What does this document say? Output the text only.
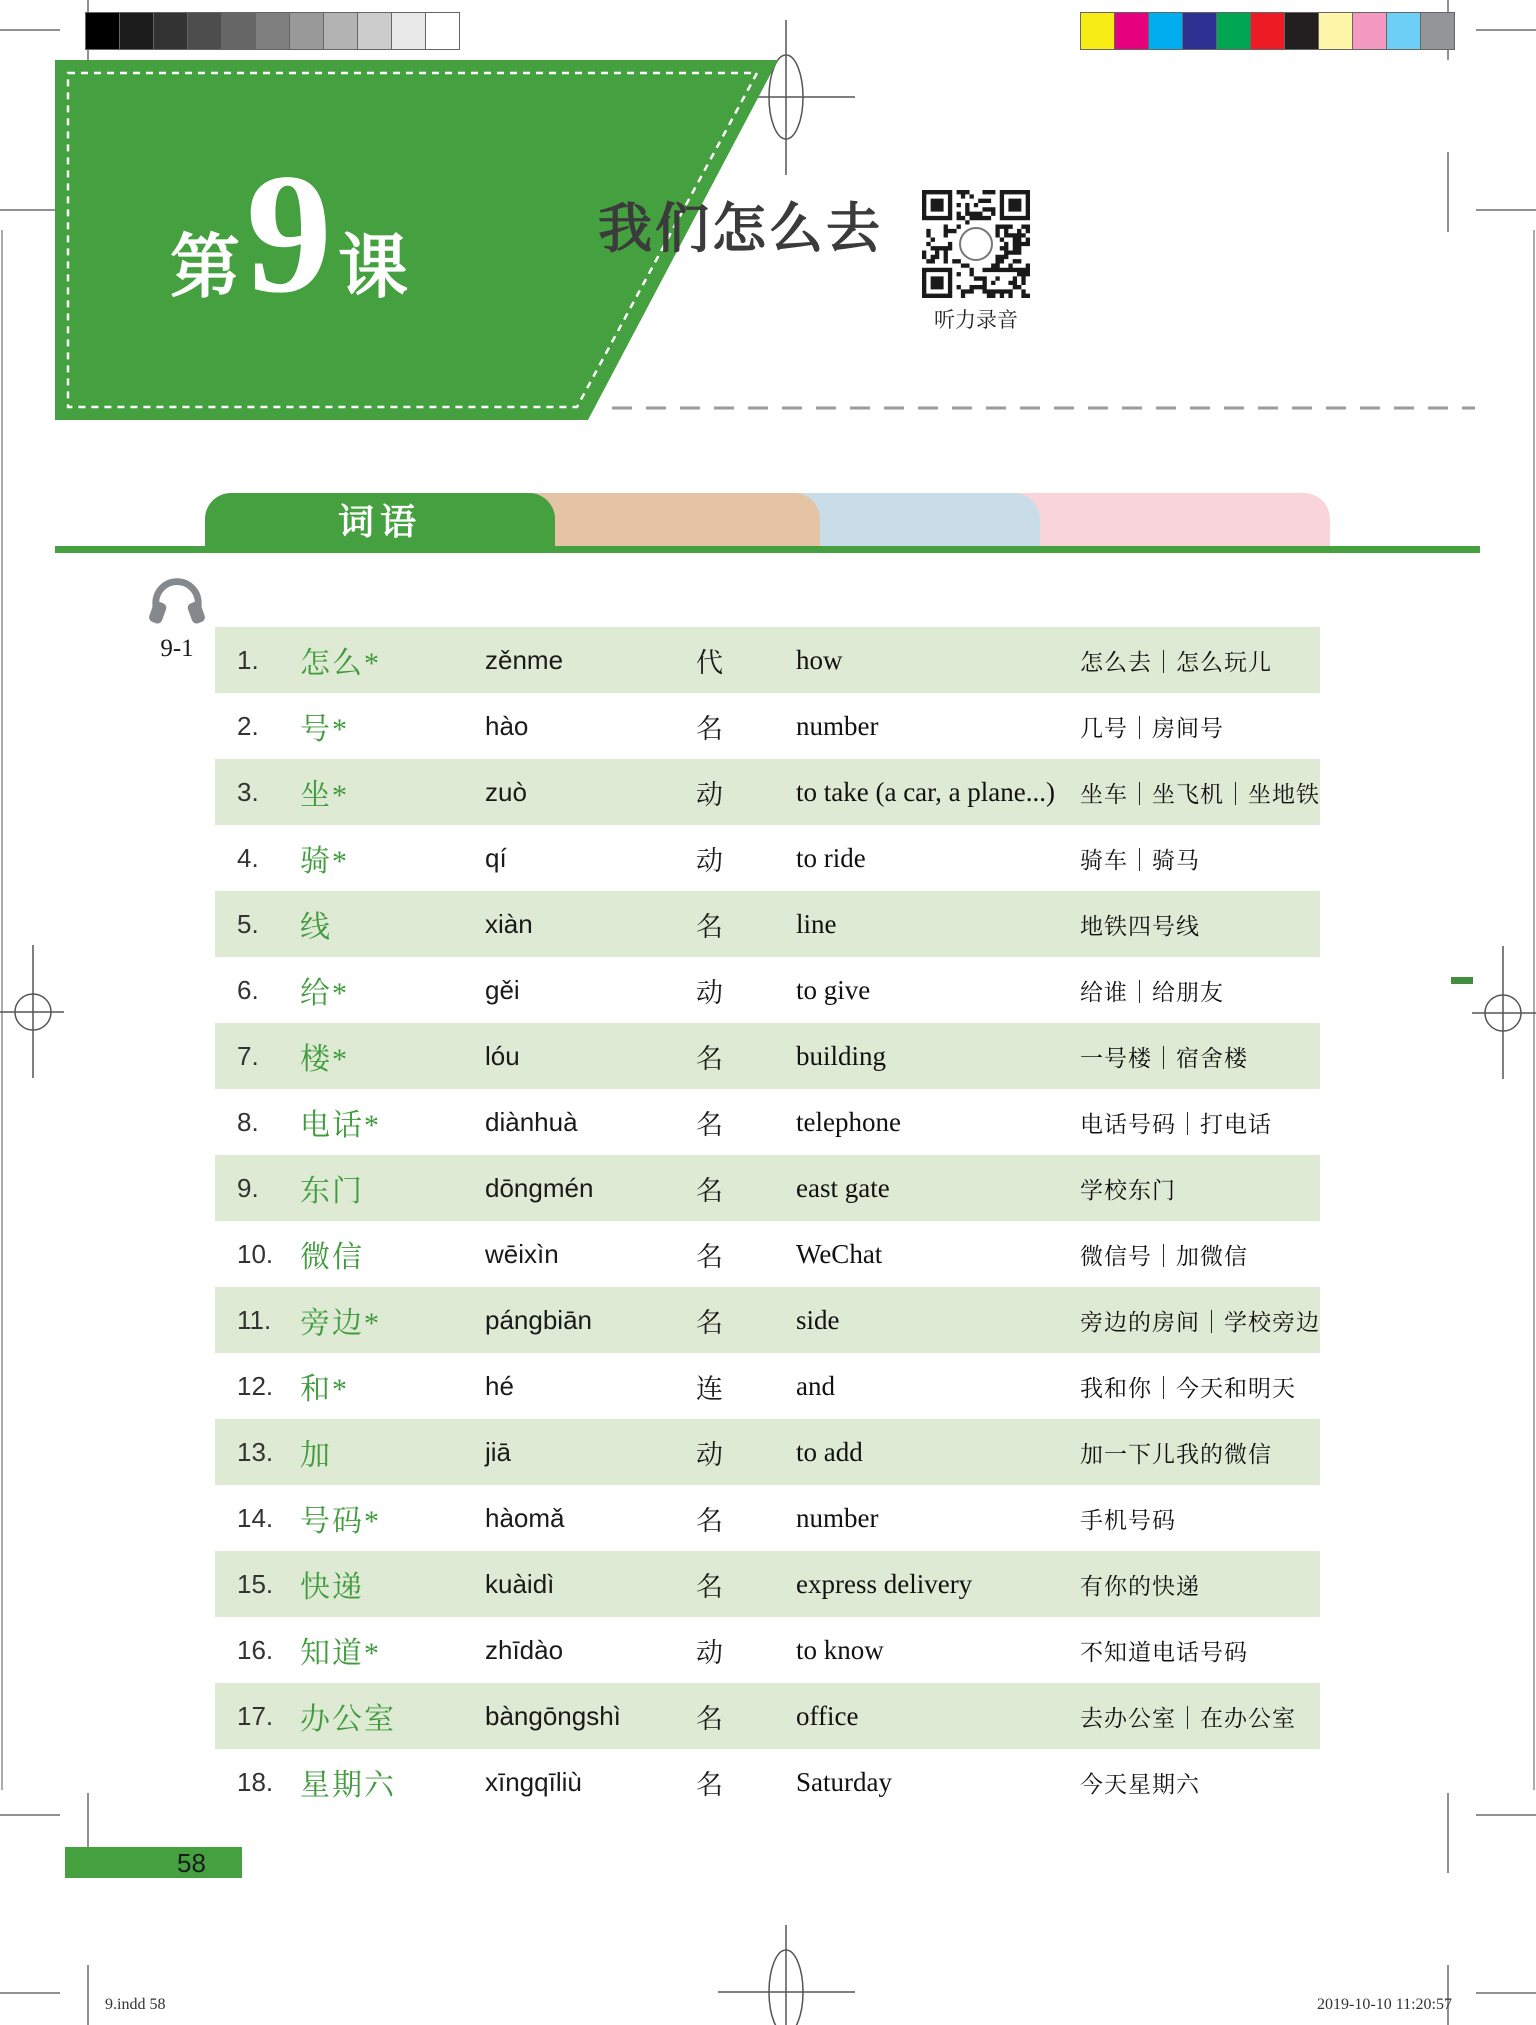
第 9 课	我们怎么去
听力录音
词语
9-1	1.	怎么*	zěnme	代	how	怎么去｜怎么玩儿
2.	号*	hào	名	number	几号｜房间号
3.	坐*	zuò	动	to take (a car, a plane...)	坐车｜坐飞机｜坐地铁
4.	骑*	qí	动	to ride	骑车｜骑马
5.	线	xiàn	名	line	地铁四号线
6.	给*	gěi	动	to give	给谁｜给朋友
7.	楼*	lóu	名	building	一号楼｜宿舍楼
8.	电话*	diànhuà	名	telephone	电话号码｜打电话
9.	东门	dōngmén	名	east gate	学校东门
10. 微信	wēixìn	名	WeChat	微信号｜加微信
11. 旁边*	pángbiān	名	side	旁边的房间｜学校旁边
12. 和*	hé	连	and	我和你｜今天和明天
13. 加	jiā	动	to add	加一下儿我的微信
14. 号码*	hàomǎ	名	number	手机号码
15. 快递	kuàidì	名	express delivery	有你的快递
16. 知道*	zhīdào	动	to know	不知道电话号码
17. 办公室	bàngōngshì	名	office	去办公室｜在办公室
18. 星期六	xīngqīliù	名	Saturday	今天星期六
58
9.indd 58	2019-10-10 11:20:57
